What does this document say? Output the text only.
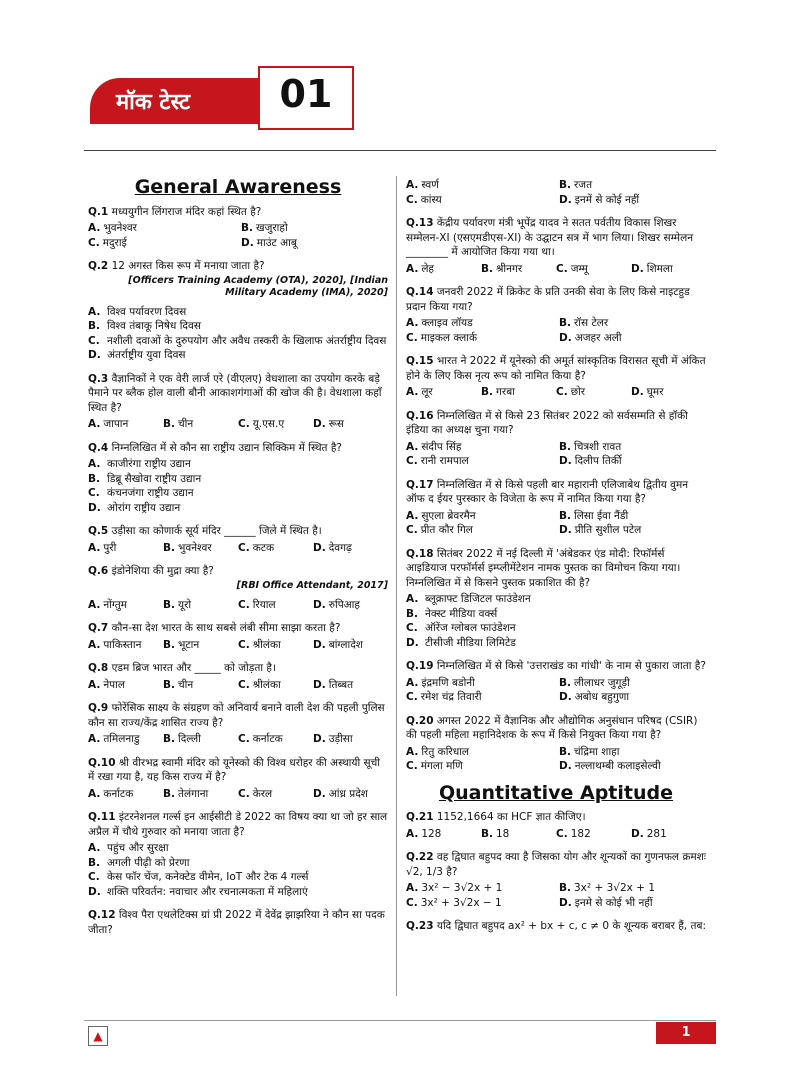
मॉक टेस्ट	01
General Awareness

Q.1 मध्ययुगीन लिंगराज मंदिर कहां स्थित है?

A. भुवनेश्वर	B. खजुराहो
C. मदुराई	D. माउंट आबू

Q.2 12 अगस्त किस रूप में मनाया जाता है?

[Officers Training Academy (OTA), 2020], [Indian Military Academy (IMA), 2020]
A. विश्व पर्यावरण दिवस
B. विश्व तंबाकू निषेध दिवस
C. नशीली दवाओं के दुरुपयोग और अवैध तस्करी के खिलाफ अंतर्राष्ट्रीय दिवस
D. अंतर्राष्ट्रीय युवा दिवस

Q.3 वैज्ञानिकों ने एक वेरी लार्ज एरे (वीएलए) वेधशाला का उपयोग करके बड़े पैमाने पर ब्लैक होल वाली बौनी आकाशगंगाओं की खोज की है। वेधशाला कहाँ स्थित है?

A. जापान	B. चीन	C. यू.एस.ए	D. रूस

Q.4 निम्नलिखित में से कौन सा राष्ट्रीय उद्यान सिक्किम में स्थित है?

A. काजीरंगा राष्ट्रीय उद्यान
B. डिब्रू सैखोवा राष्ट्रीय उद्यान
C. कंचनजंगा राष्ट्रीय उद्यान
D. ओरांग राष्ट्रीय उद्यान

Q.5 उड़ीसा का कोणार्क सूर्य मंदिर ______ जिले में स्थित है।

A. पुरी	B. भुवनेश्वर	C. कटक	D. देवगढ़

Q.6 इंडोनेशिया की मुद्रा क्या है?

[RBI Office Attendant, 2017]
A. नोंग्तुम	B. यूरो	C. रियाल	D. रुपिआह

Q.7 कौन-सा देश भारत के साथ सबसे लंबी सीमा साझा करता है?

A. पाकिस्तान	B. भूटान	C. श्रीलंका	D. बांग्लादेश

Q.8 एडम ब्रिज भारत और _____ को जोड़ता है।

A. नेपाल	B. चीन	C. श्रीलंका	D. तिब्बत

Q.9 फोरेंसिक साक्ष्य के संग्रहण को अनिवार्य बनाने वाली देश की पहली पुलिस कौन सा राज्य/केंद्र शासित राज्य है?

A. तमिलनाडु	B. दिल्ली	C. कर्नाटक	D. उड़ीसा

Q.10 श्री वीरभद्र स्वामी मंदिर को यूनेस्को की विश्व धरोहर की अस्थायी सूची में रखा गया है, यह किस राज्य में है?

A. कर्नाटक	B. तेलंगाना	C. केरल	D. आंध्र प्रदेश

Q.11 इंटरनेशनल गर्ल्स इन आईसीटी डे 2022 का विषय क्या था जो हर साल अप्रैल में चौथे गुरुवार को मनाया जाता है?

A. पहुंच और सुरक्षा
B. अगली पीढ़ी को प्रेरणा
C. केस फॉर चेंज, कनेक्टेड वीमेन, IoT और टेक 4 गर्ल्स
D. शक्ति परिवर्तन: नवाचार और रचनात्मकता में महिलाएं

Q.12 विश्व पैरा एथलेटिक्स ग्रां प्री 2022 में देवेंद्र झाझरिया ने कौन सा पदक जीता?

A. स्वर्ण	B. रजत
C. कांस्य	D. इनमें से कोई नहीं

Q.13 केंद्रीय पर्यावरण मंत्री भूपेंद्र यादव ने सतत पर्वतीय विकास शिखर सम्मेलन-XI (एसएमडीएस-XI) के उद्घाटन सत्र में भाग लिया। शिखर सम्मेलन ________ में आयोजित किया गया था।

A. लेह	B. श्रीनगर	C. जम्मू	D. शिमला

Q.14 जनवरी 2022 में क्रिकेट के प्रति उनकी सेवा के लिए किसे नाइटहुड प्रदान किया गया?

A. क्लाइव लॉयड	B. रॉस टेलर
C. माइकल क्लार्क	D. अजहर अली

Q.15 भारत ने 2022 में यूनेस्को की अमूर्त सांस्कृतिक विरासत सूची में अंकित होने के लिए किस नृत्य रूप को नामित किया है?

A. लूर	B. गरबा	C. छोर	D. घूमर

Q.16 निम्नलिखित में से किसे 23 सितंबर 2022 को सर्वसम्मति से हॉकी इंडिया का अध्यक्ष चुना गया?

A. संदीप सिंह	B. चित्रशी रावत
C. रानी रामपाल	D. दिलीप तिर्की

Q.17 निम्नलिखित में से किसे पहली बार महारानी एलिजाबेथ द्वितीय वुमन ऑफ द ईयर पुरस्कार के विजेता के रूप में नामित किया गया है?

A. सुएला ब्रेवरमैन	B. लिसा ईवा नैंडी
C. प्रीत कौर गिल	D. प्रीति सुशील पटेल

Q.18 सितंबर 2022 में नई दिल्ली में 'अंबेडकर एंड मोदी: रिफॉर्मर्स आइडियाज परफॉर्मर्स इम्प्लीमेंटेशन नामक पुस्तक का विमोचन किया गया। निम्नलिखित में से किसने पुस्तक प्रकाशित की है?

A. ब्लूक्राफ्ट डिजिटल फाउंडेशन
B. नेक्स्ट मीडिया वर्क्स
C. ऑरेंज ग्लोबल फाउंडेशन
D. टीसीजी मीडिया लिमिटेड

Q.19 निम्नलिखित में से किसे 'उत्तराखंड का गांधी' के नाम से पुकारा जाता है?

A. इंद्रमणि बडोनी	B. लीलाधर जुगूड़ी
C. रमेश चंद्र तिवारी	D. अबोध बहुगुणा

Q.20 अगस्त 2022 में वैज्ञानिक और औद्योगिक अनुसंधान परिषद (CSIR) की पहली महिला महानिदेशक के रूप में किसे नियुक्त किया गया है?

A. रितु करिधाल	B. चंद्रिमा शाहा
C. मंगला मणि	D. नल्लाथम्बी कलाइसेल्वी
Quantitative Aptitude

Q.21 1152,1664 का HCF ज्ञात कीजिए।

A. 128	B. 18	C. 182	D. 281

Q.22 वह द्विघात बहुपद क्या है जिसका योग और शून्यकों का गुणनफल क्रमशः √2, 1/3 है?

A. 3x² − 3√2x + 1	B. 3x² + 3√2x + 1
C. 3x² + 3√2x − 1	D. इनमे से कोई भी नहीं

Q.23 यदि द्विघात बहुपद ax² + bx + c, c ≠ 0 के शून्यक बराबर हैं, तब:

▲	1
